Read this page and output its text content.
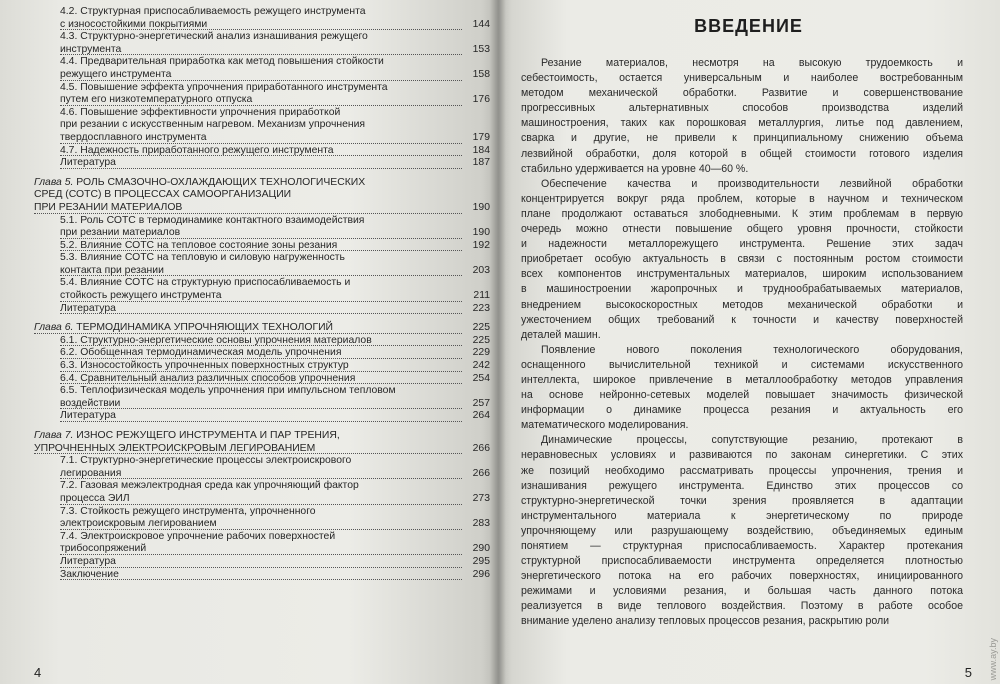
4.2. Структурная приспосабливаемость режущего инструмента
с износостойкими покрытиями	144
4.3. Структурно-энергетический анализ изнашивания режущего
инструмента	153
4.4. Предварительная приработка как метод повышения стойкости
режущего инструмента	158
4.5. Повышение эффекта упрочнения приработанного инструмента
путем его низкотемпературного отпуска	176
4.6. Повышение эффективности упрочнения приработкой
при резании с искусственным нагревом. Механизм упрочнения
твердосплавного инструмента	179
4.7. Надежность приработанного режущего инструмента	184
Литература	187
Глава 5. РОЛЬ СМАЗОЧНО-ОХЛАЖДАЮЩИХ ТЕХНОЛОГИЧЕСКИХ
СРЕД (СОТС) В ПРОЦЕССАХ САМООРГАНИЗАЦИИ
ПРИ РЕЗАНИИ МАТЕРИАЛОВ	190
5.1. Роль СОТС в термодинамике контактного взаимодействия
при резании материалов	190
5.2. Влияние СОТС на тепловое состояние зоны резания	192
5.3. Влияние СОТС на тепловую и силовую нагруженность
контакта при резании	203
5.4. Влияние СОТС на структурную приспосабливаемость и
стойкость режущего инструмента	211
Литература	223
Глава 6. ТЕРМОДИНАМИКА УПРОЧНЯЮЩИХ ТЕХНОЛОГИЙ	225
6.1. Структурно-энергетические основы упрочнения материалов	225
6.2. Обобщенная термодинамическая модель упрочнения	229
6.3. Износостойкость упрочненных поверхностных структур	242
6.4. Сравнительный анализ различных способов упрочнения	254
6.5. Теплофизическая модель упрочнения при импульсном тепловом
воздействии	257
Литература	264
Глава 7. ИЗНОС РЕЖУЩЕГО ИНСТРУМЕНТА И ПАР ТРЕНИЯ,
УПРОЧНЕННЫХ ЭЛЕКТРОИСКРОВЫМ ЛЕГИРОВАНИЕМ	266
7.1. Структурно-энергетические процессы электроискрового
легирования	266
7.2. Газовая межэлектродная среда как упрочняющий фактор
процесса ЭИЛ	273
7.3. Стойкость режущего инструмента, упрочненного
электроискровым легированием	283
7.4. Электроискровое упрочнение рабочих поверхностей
трибосопряжений	290
Литература	295
Заключение	296
4
ВВЕДЕНИЕ

Резание материалов, несмотря на высокую трудоемкость и
себестоимость, остается универсальным и наиболее востребованным
методом механической обработки. Развитие и совершенствование
прогрессивных альтернативных способов производства изделий
машиностроения, таких как порошковая металлургия, литье под давлением,
сварка и другие, не привели к принципиальному снижению объема
лезвийной обработки, доля которой в общей стоимости готового изделия
стабильно удерживается на уровне 40—60 %.

Обеспечение качества и производительности лезвийной обработки
концентрируется вокруг ряда проблем, которые в научном и техническом
плане продолжают оставаться злободневными. К этим проблемам в первую
очередь можно отнести повышение общего уровня прочности, стойкости
и надежности металлорежущего инструмента. Решение этих задач
приобретает особую актуальность в связи с постоянным ростом стоимости
всех компонентов инструментальных материалов, широким использованием
в машиностроении жаропрочных и труднообрабатываемых материалов,
внедрением высокоскоростных методов механической обработки и
ужесточением общих требований к точности и качеству поверхностей
деталей машин.

Появление нового поколения технологического оборудования,
оснащенного вычислительной техникой и системами искусственного
интеллекта, широкое привлечение в металлообработку методов управления
на основе нейронно-сетевых моделей повышает значимость физической
информации о динамике процесса резания и актуальность его
математического моделирования.

Динамические процессы, сопутствующие резанию, протекают в
неравновесных условиях и развиваются по законам синергетики. С этих
же позиций необходимо рассматривать процессы упрочнения, трения и
изнашивания режущего инструмента. Единство этих процессов со
структурно-энергетической точки зрения проявляется в адаптации
инструментального материала к энергетическому по природе
упрочняющему или разрушающему воздействию, объединяемых единым
понятием — структурная приспосабливаемость. Характер протекания
структурной приспосабливаемости инструмента определяется плотностью
энергетического потока на его рабочих поверхностях, инициированного
режимами и условиями резания, и большая часть данного потока
реализуется в виде теплового воздействия. Поэтому в работе особое
внимание уделено анализу тепловых процессов резания, раскрытию роли

5 www.ay.by
